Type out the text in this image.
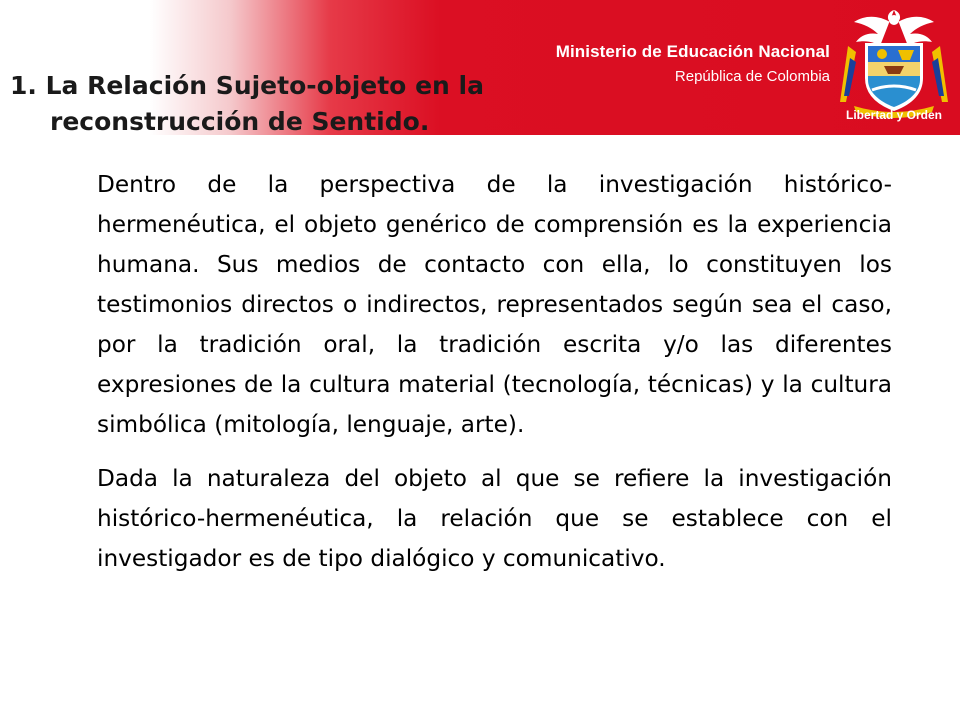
Ministerio de Educación Nacional
República de Colombia
Libertad y Orden
1. La Relación Sujeto-objeto en la
reconstrucción de Sentido.

Dentro de la perspectiva de la investigación histórico-hermenéutica, el objeto genérico de comprensión es la experiencia humana. Sus medios de contacto con ella, lo constituyen los testimonios directos o indirectos, representados según sea el caso, por la tradición oral, la tradición escrita y/o las diferentes expresiones de la cultura material (tecnología, técnicas) y la cultura simbólica (mitología, lenguaje, arte).

Dada la naturaleza del objeto al que se refiere la investigación histórico-hermenéutica, la relación que se establece con el investigador es de tipo dialógico y comunicativo.
